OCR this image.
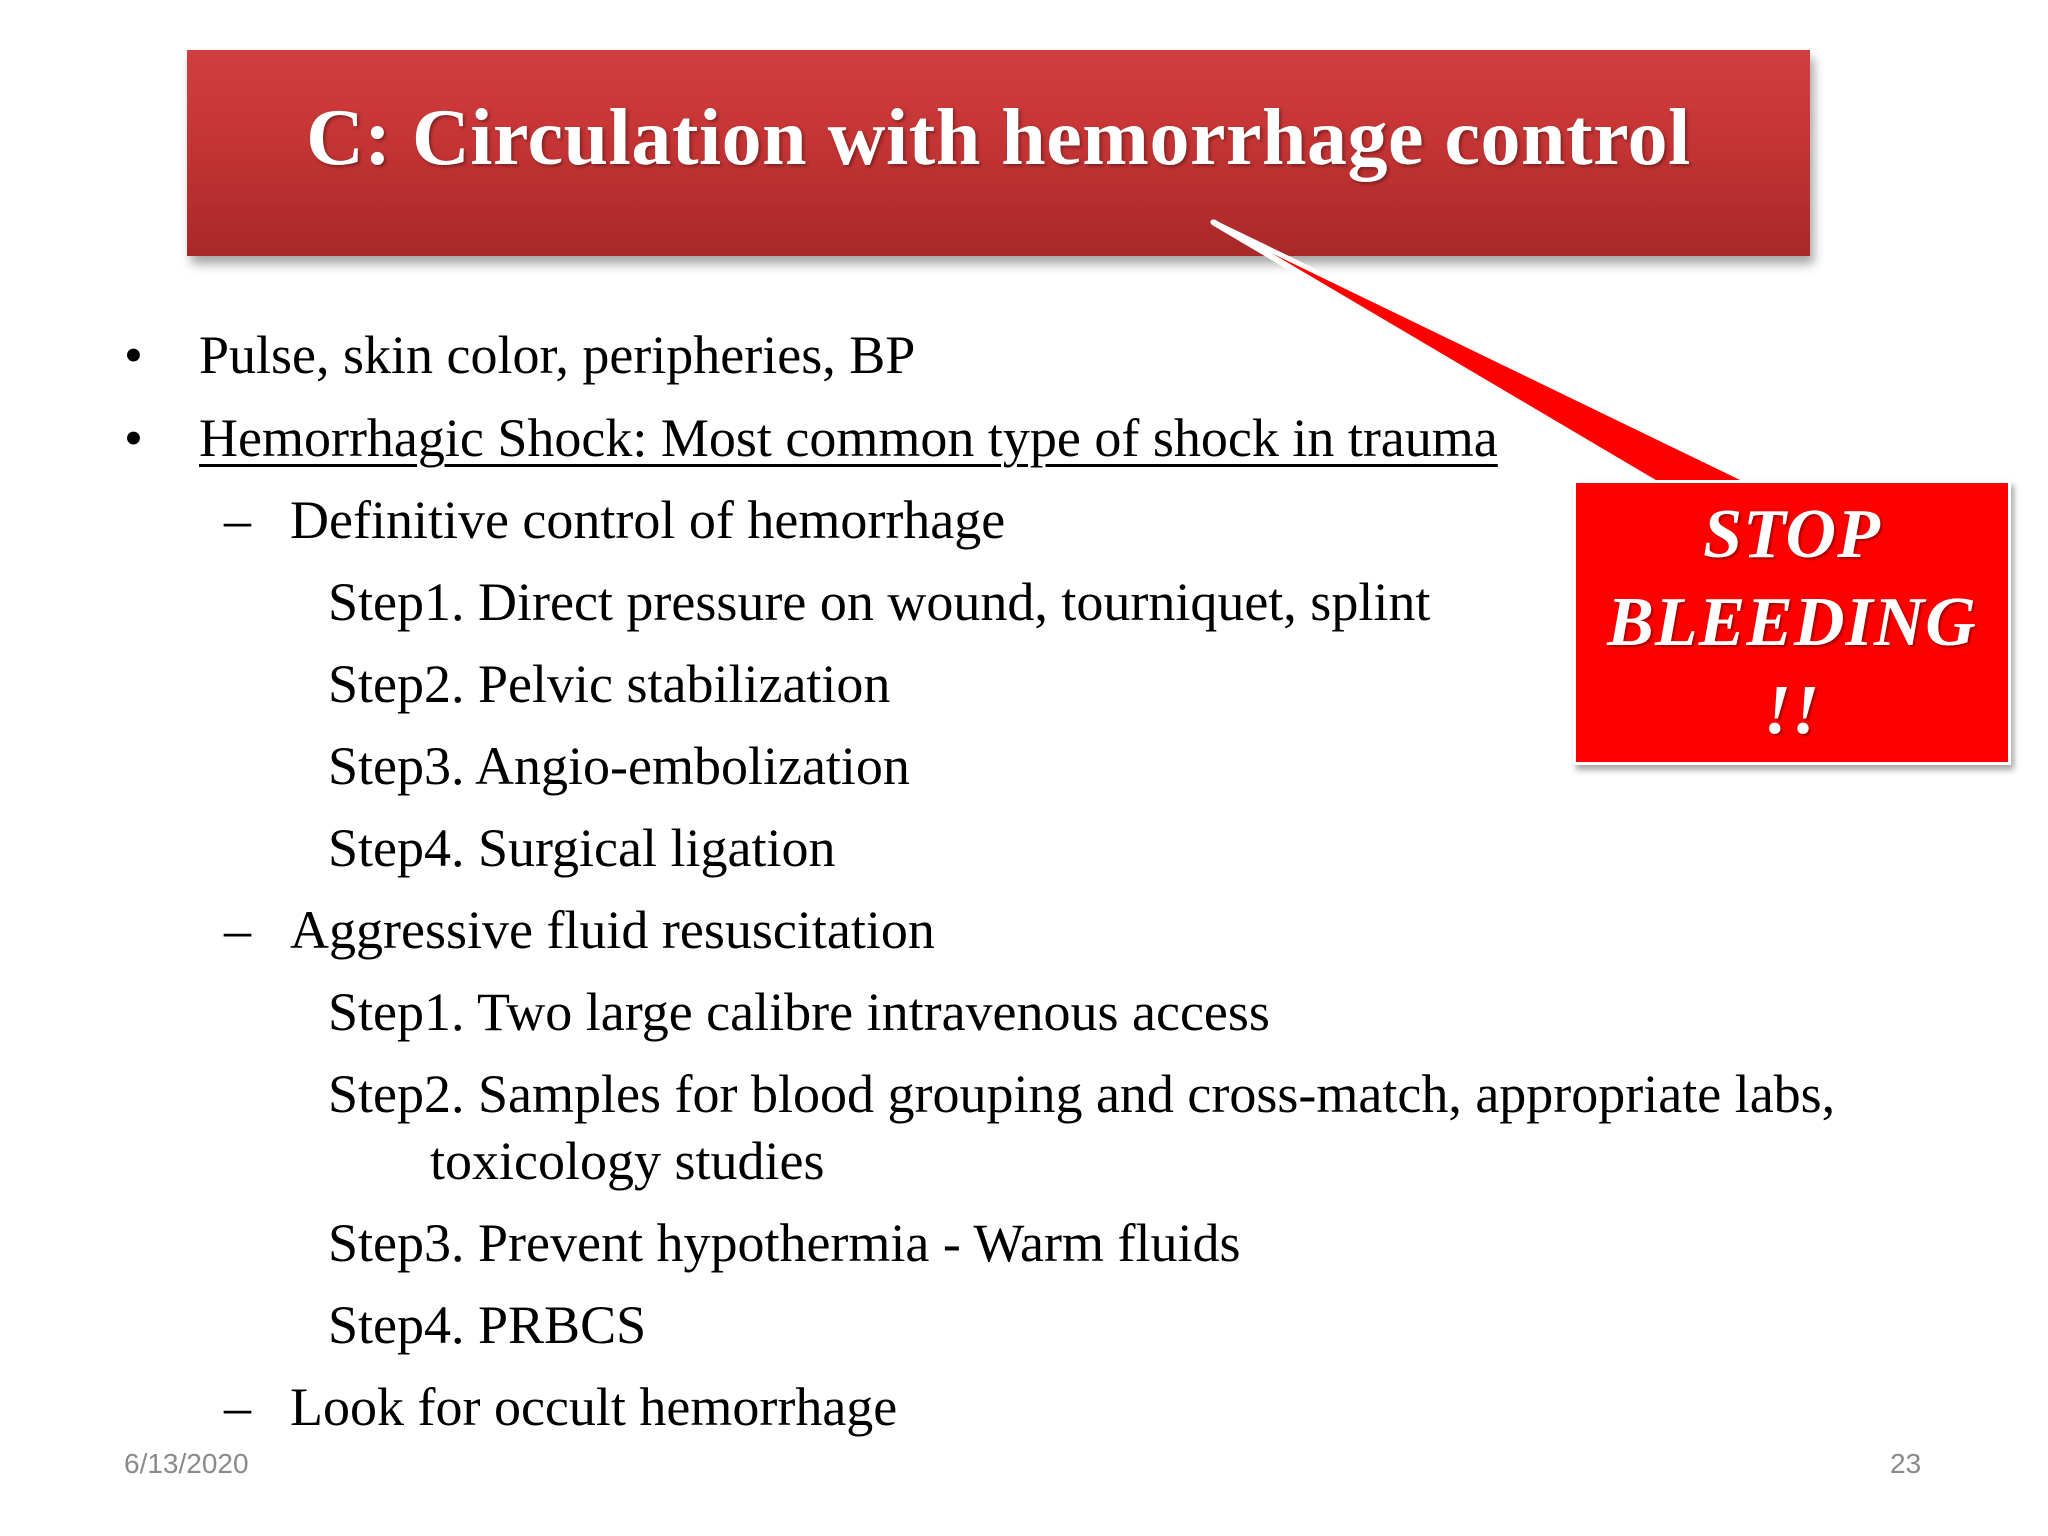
C: Circulation with hemorrhage control
• Pulse, skin color, peripheries, BP
• Hemorrhagic Shock: Most common type of shock in trauma
– Definitive control of hemorrhage
Step1. Direct pressure on wound, tourniquet, splint
Step2. Pelvic stabilization
Step3. Angio-embolization
Step4. Surgical ligation
– Aggressive fluid resuscitation
Step1. Two large calibre intravenous access
Step2. Samples for blood grouping and cross-match, appropriate labs,
toxicology studies
Step3. Prevent hypothermia - Warm fluids
Step4. PRBCS
– Look for occult hemorrhage
STOP
BLEEDING
!!
6/13/2020	23
